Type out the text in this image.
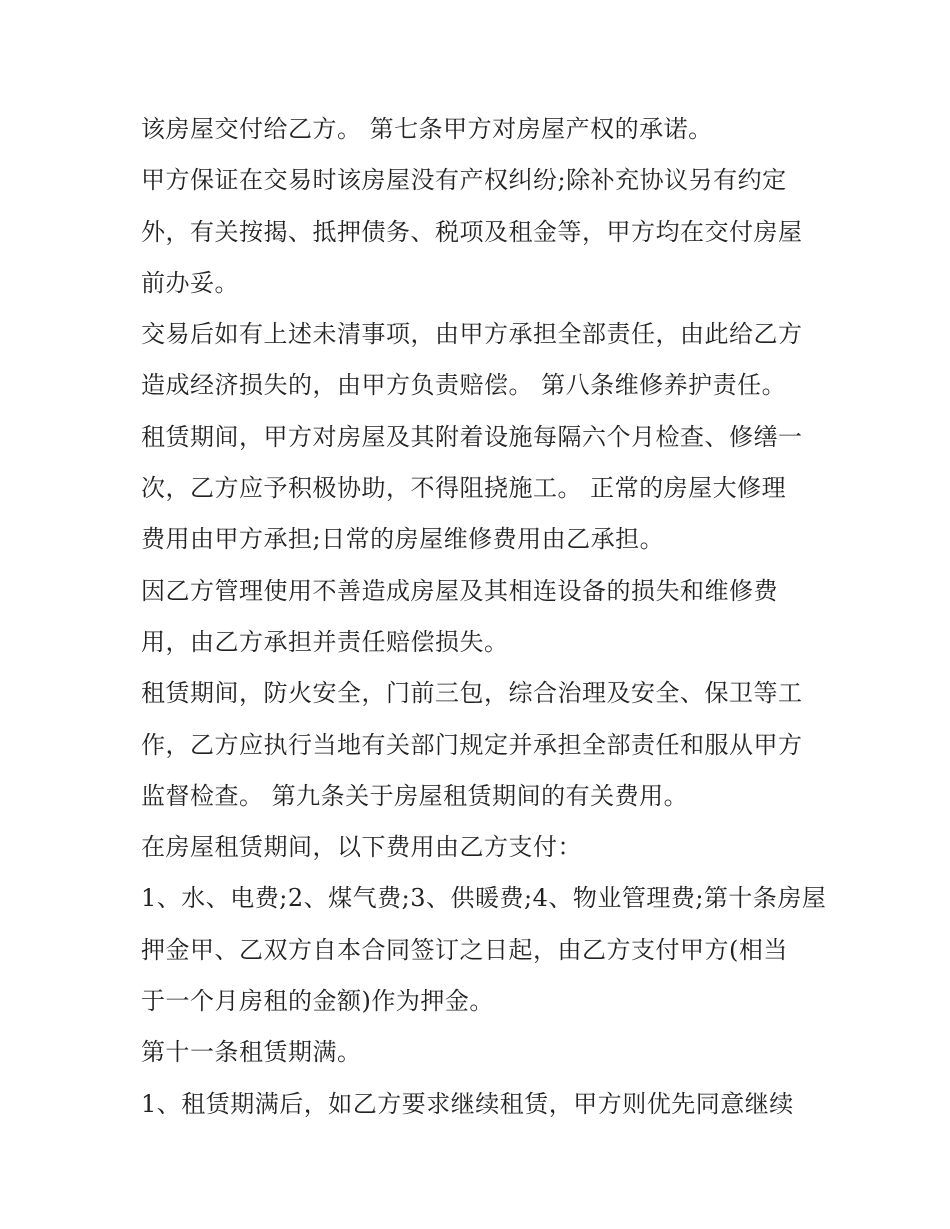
该房屋交付给乙方。 第七条甲方对房屋产权的承诺。
甲方保证在交易时该房屋没有产权纠纷;除补充协议另有约定
外，有关按揭、抵押债务、税项及租金等，甲方均在交付房屋
前办妥。
交易后如有上述未清事项，由甲方承担全部责任，由此给乙方
造成经济损失的，由甲方负责赔偿。 第八条维修养护责任。
租赁期间，甲方对房屋及其附着设施每隔六个月检查、修缮一
次，乙方应予积极协助，不得阻挠施工。 正常的房屋大修理
费用由甲方承担;日常的房屋维修费用由乙承担。
因乙方管理使用不善造成房屋及其相连设备的损失和维修费
用，由乙方承担并责任赔偿损失。
租赁期间，防火安全，门前三包，综合治理及安全、保卫等工
作，乙方应执行当地有关部门规定并承担全部责任和服从甲方
监督检查。 第九条关于房屋租赁期间的有关费用。
在房屋租赁期间，以下费用由乙方支付：
1、水、电费;2、煤气费;3、供暖费;4、物业管理费;第十条房屋
押金甲、乙双方自本合同签订之日起，由乙方支付甲方(相当
于一个月房租的金额)作为押金。
第十一条租赁期满。
1、租赁期满后，如乙方要求继续租赁，甲方则优先同意继续
